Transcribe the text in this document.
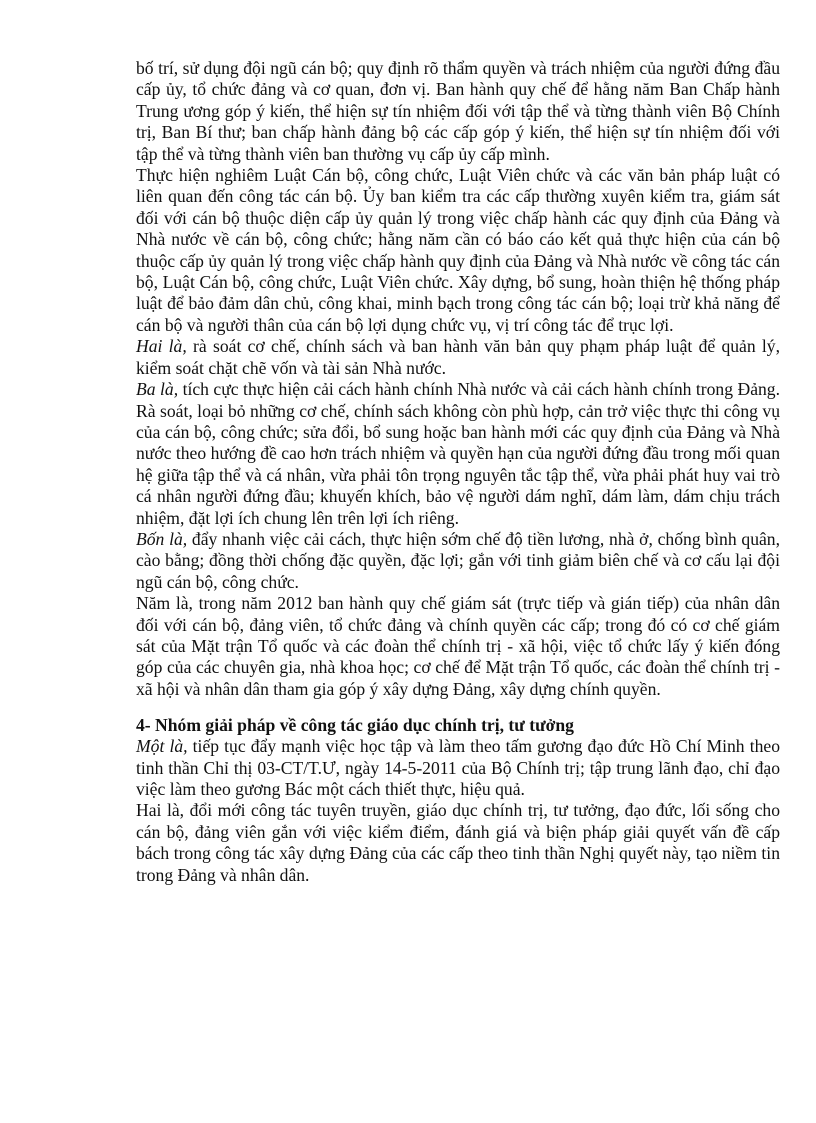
bố trí, sử dụng đội ngũ cán bộ; quy định rõ thẩm quyền và trách nhiệm của người đứng đầu cấp ủy, tổ chức đảng và cơ quan, đơn vị. Ban hành quy chế để hằng năm Ban Chấp hành Trung ương góp ý kiến, thể hiện sự tín nhiệm đối với tập thể và từng thành viên Bộ Chính trị, Ban Bí thư; ban chấp hành đảng bộ các cấp góp ý kiến, thể hiện sự tín nhiệm đối với tập thể và từng thành viên ban thường vụ cấp ủy cấp mình.

Thực hiện nghiêm Luật Cán bộ, công chức, Luật Viên chức và các văn bản pháp luật có liên quan đến công tác cán bộ. Ủy ban kiểm tra các cấp thường xuyên kiểm tra, giám sát đối với cán bộ thuộc diện cấp ủy quản lý trong việc chấp hành các quy định của Đảng và Nhà nước về cán bộ, công chức; hằng năm cần có báo cáo kết quả thực hiện của cán bộ thuộc cấp ủy quản lý trong việc chấp hành quy định của Đảng và Nhà nước về công tác cán bộ, Luật Cán bộ, công chức, Luật Viên chức. Xây dựng, bổ sung, hoàn thiện hệ thống pháp luật để bảo đảm dân chủ, công khai, minh bạch trong công tác cán bộ; loại trừ khả năng để cán bộ và người thân của cán bộ lợi dụng chức vụ, vị trí công tác để trục lợi.

Hai là, rà soát cơ chế, chính sách và ban hành văn bản quy phạm pháp luật để quản lý, kiểm soát chặt chẽ vốn và tài sản Nhà nước.

Ba là, tích cực thực hiện cải cách hành chính Nhà nước và cải cách hành chính trong Đảng. Rà soát, loại bỏ những cơ chế, chính sách không còn phù hợp, cản trở việc thực thi công vụ của cán bộ, công chức; sửa đổi, bổ sung hoặc ban hành mới các quy định của Đảng và Nhà nước theo hướng đề cao hơn trách nhiệm và quyền hạn của người đứng đầu trong mối quan hệ giữa tập thể và cá nhân, vừa phải tôn trọng nguyên tắc tập thể, vừa phải phát huy vai trò cá nhân người đứng đầu; khuyến khích, bảo vệ người dám nghĩ, dám làm, dám chịu trách nhiệm, đặt lợi ích chung lên trên lợi ích riêng.

Bốn là, đẩy nhanh việc cải cách, thực hiện sớm chế độ tiền lương, nhà ở, chống bình quân, cào bằng; đồng thời chống đặc quyền, đặc lợi; gắn với tinh giảm biên chế và cơ cấu lại đội ngũ cán bộ, công chức.

Năm là, trong năm 2012 ban hành quy chế giám sát (trực tiếp và gián tiếp) của nhân dân đối với cán bộ, đảng viên, tổ chức đảng và chính quyền các cấp; trong đó có cơ chế giám sát của Mặt trận Tổ quốc và các đoàn thể chính trị - xã hội, việc tổ chức lấy ý kiến đóng góp của các chuyên gia, nhà khoa học; cơ chế để Mặt trận Tổ quốc, các đoàn thể chính trị - xã hội và nhân dân tham gia góp ý xây dựng Đảng, xây dựng chính quyền.

4- Nhóm giải pháp về công tác giáo dục chính trị, tư tưởng

Một là, tiếp tục đẩy mạnh việc học tập và làm theo tấm gương đạo đức Hồ Chí Minh theo tinh thần Chỉ thị 03-CT/T.Ư, ngày 14-5-2011 của Bộ Chính trị; tập trung lãnh đạo, chỉ đạo việc làm theo gương Bác một cách thiết thực, hiệu quả.

Hai là, đổi mới công tác tuyên truyền, giáo dục chính trị, tư tưởng, đạo đức, lối sống cho cán bộ, đảng viên gắn với việc kiểm điểm, đánh giá và biện pháp giải quyết vấn đề cấp bách trong công tác xây dựng Đảng của các cấp theo tinh thần Nghị quyết này, tạo niềm tin trong Đảng và nhân dân.
